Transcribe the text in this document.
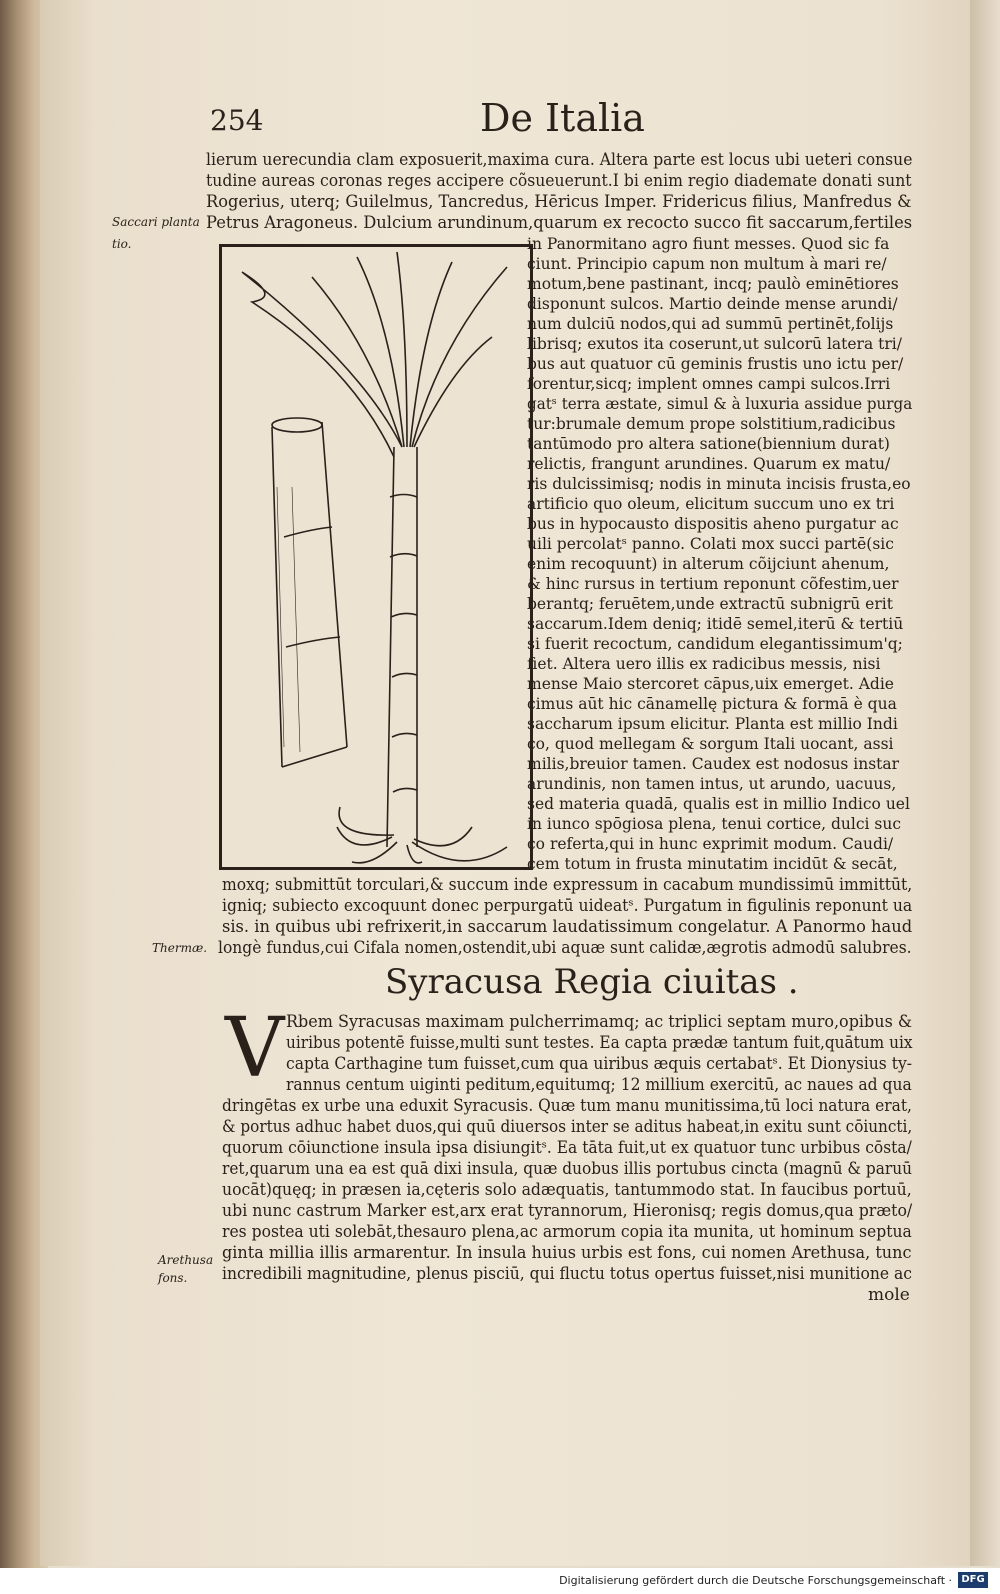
254	De Italia
Saccari planta
tio.
Thermæ.
Arethusa
fons.
lierum uerecundia clam exposuerit,maxima cura. Altera parte est locus ubi ueteri consue
tudine aureas coronas reges accipere cõsueuerunt.I bi enim regio diademate donati sunt
Rogerius, uterq; Guilelmus, Tancredus, Hēricus Imper. Fridericus filius, Manfredus &
Petrus Aragoneus. Dulcium arundinum,quarum ex recocto succo fit saccarum,fertiles
in Panormitano agro fiunt messes. Quod sic fa
ciunt. Principio capum non multum à mari re/
motum,bene pastinant, incq; paulò eminētiores
disponunt sulcos. Martio deinde mense arundi/
num dulciū nodos,qui ad summū pertinēt,folijs
librisq; exutos ita coserunt,ut sulcorū latera tri/
bus aut quatuor cū geminis frustis uno ictu per/
forentur,sicq; implent omnes campi sulcos.Irri
gatˢ terra æstate, simul & à luxuria assidue purga
tur:brumale demum prope solstitium,radicibus
tantūmodo pro altera satione(biennium durat)
relictis, frangunt arundines. Quarum ex matu/
ris dulcissimisq; nodis in minuta incisis frusta,eo
artificio quo oleum, elicitum succum uno ex tri
bus in hypocausto dispositis aheno purgatur ac
uili percolatˢ panno. Colati mox succi partē(sic
enim recoquunt) in alterum cõijciunt ahenum,
& hinc rursus in tertium reponunt cõfestim,uer
berantq; feruētem,unde extractū subnigrū erit
saccarum.Idem deniq; itidē semel,iterū & tertiū
si fuerit recoctum, candidum elegantissimum'q;
fiet. Altera uero illis ex radicibus messis, nisi
mense Maio stercoret cāpus,uix emerget. Adie
cimus aūt hic cānamellę pictura & formā è qua
saccharum ipsum elicitur. Planta est millio Indi
co, quod mellegam & sorgum Itali uocant, assi
milis,breuior tamen. Caudex est nodosus instar
arundinis, non tamen intus, ut arundo, uacuus,
sed materia quadā, qualis est in millio Indico uel
in iunco spōgiosa plena, tenui cortice, dulci suc
co referta,qui in hunc exprimit modum. Caudi/
cem totum in frusta minutatim incidūt & secāt,
moxq; submittūt torculari,& succum inde expressum in cacabum mundissimū immittūt,
igniq; subiecto excoquunt donec perpurgatū uideatˢ. Purgatum in figulinis reponunt ua
sis. in quibus ubi refrixerit,in saccarum laudatissimum congelatur. A Panormo haud
longè fundus,cui Cifala nomen,ostendit,ubi aquæ sunt calidæ,ægrotis admodū salubres.
Syracusa Regia ciuitas .
V Rbem Syracusas maximam pulcherrimamq; ac triplici septam muro,opibus &
uiribus potentē fuisse,multi sunt testes. Ea capta prædæ tantum fuit,quātum uix
capta Carthagine tum fuisset,cum qua uiribus æquis certabatˢ. Et Dionysius ty-
rannus centum uiginti peditum,equitumq; 12 millium exercitū, ac naues ad qua
dringētas ex urbe una eduxit Syracusis. Quæ tum manu munitissima,tū loci natura erat,
& portus adhuc habet duos,qui quū diuersos inter se aditus habeat,in exitu sunt cōiuncti,
quorum cōiunctione insula ipsa disiungitˢ. Ea tāta fuit,ut ex quatuor tunc urbibus cōsta/
ret,quarum una ea est quā dixi insula, quæ duobus illis portubus cincta (magnū & paruū
uocāt)quęq; in præsen ia,cęteris solo adæquatis, tantummodo stat. In faucibus portuū,
ubi nunc castrum Marker est,arx erat tyrannorum, Hieronisq; regis domus,qua præto/
res postea uti solebāt,thesauro plena,ac armorum copia ita munita, ut hominum septua
ginta millia illis armarentur. In insula huius urbis est fons, cui nomen Arethusa, tunc
incredibili magnitudine, plenus pisciū, qui fluctu totus opertus fuisset,nisi munitione ac
mole
Digitalisierung gefördert durch die Deutsche Forschungsgemeinschaft · DFG
